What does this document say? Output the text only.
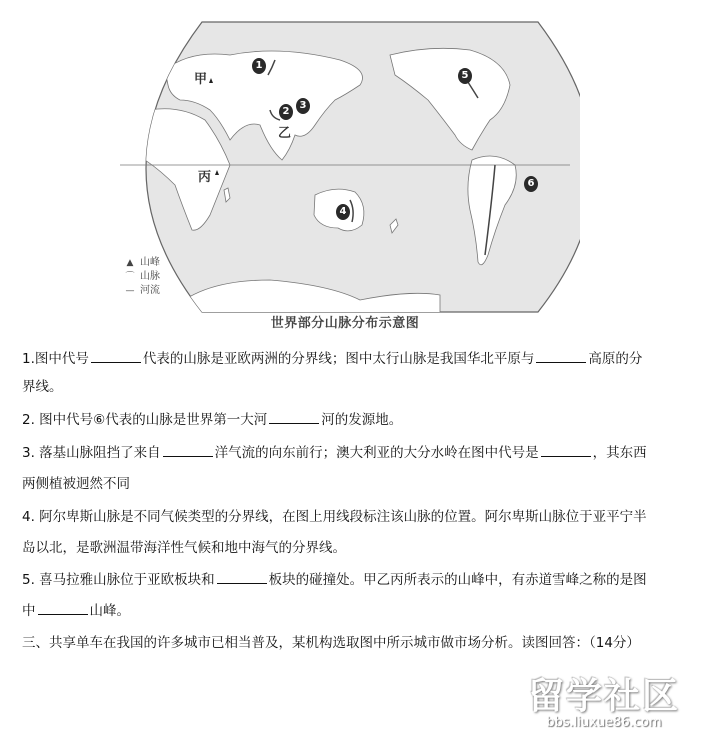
▲ 山峰
⌒ 山脉
— 河流
1
2
3
4
5
6
甲
乙
丙
世界部分山脉分布示意图
1.图中代号	代表的山脉是亚欧两洲的分界线；图中太行山脉是我国华北平原与	高原的分
界线。
2. 图中代号⑥代表的山脉是世界第一大河	河的发源地。
3. 落基山脉阻挡了来自	洋气流的向东前行；澳大利亚的大分水岭在图中代号是	，其东西
两侧植被迥然不同
4. 阿尔卑斯山脉是不同气候类型的分界线，在图上用线段标注该山脉的位置。阿尔卑斯山脉位于亚平宁半
岛以北，是歌洲温带海洋性气候和地中海气的分界线。
5. 喜马拉雅山脉位于亚欧板块和	板块的碰撞处。甲乙丙所表示的山峰中，有赤道雪峰之称的是图
中	山峰。
三、共享单车在我国的许多城市已相当普及，某机构选取图中所示城市做市场分析。读图回答：（14分）
留学社区
bbs.liuxue86.com
